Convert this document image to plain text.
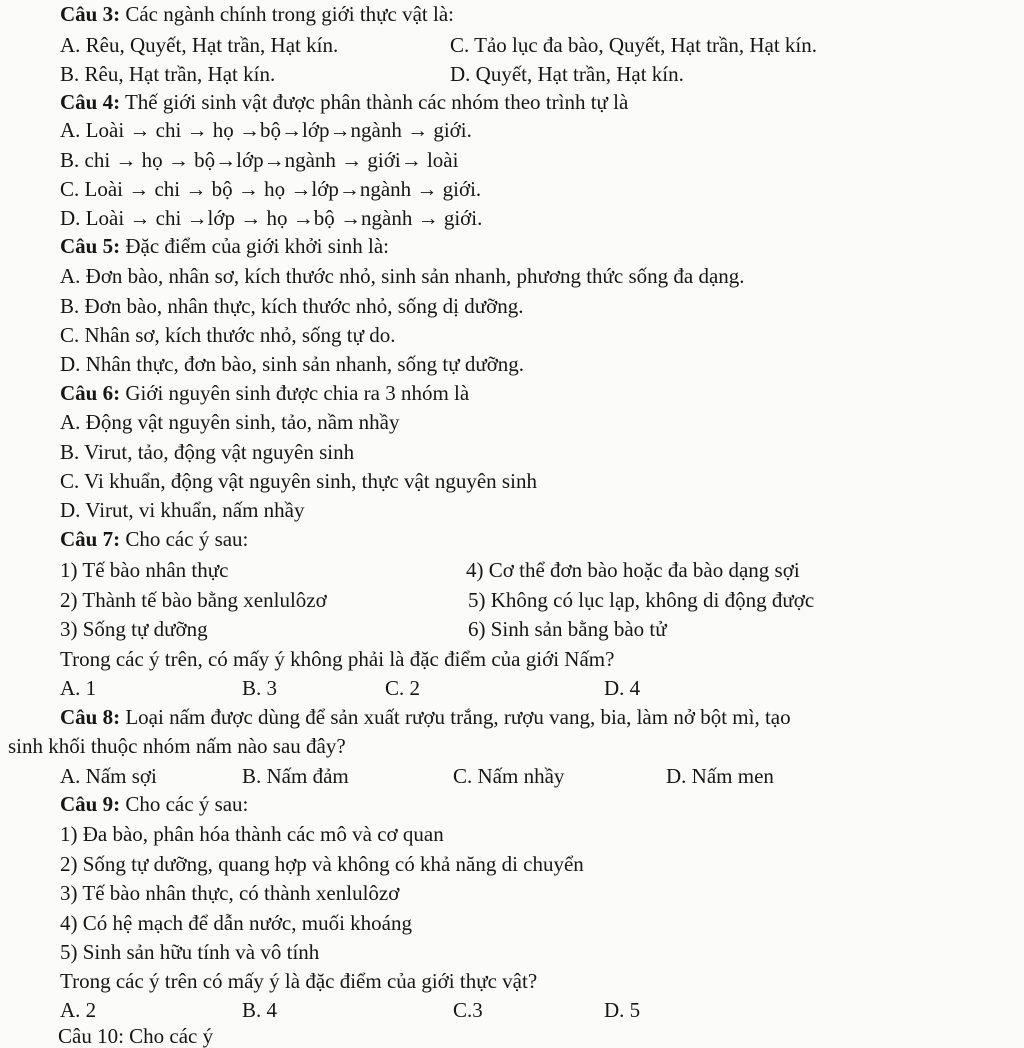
Câu 3: Các ngành chính trong giới thực vật là:
A. Rêu, Quyết, Hạt trần, Hạt kín.	C. Tảo lục đa bào, Quyết, Hạt trần, Hạt kín.
B. Rêu, Hạt trần, Hạt kín.	D. Quyết, Hạt trần, Hạt kín.
Câu 4: Thế giới sinh vật được phân thành các nhóm theo trình tự là
A. Loài → chi → họ →bộ→lớp→ngành → giới.
B. chi → họ → bộ→lớp→ngành → giới→ loài
C. Loài → chi → bộ → họ →lớp→ngành → giới.
D. Loài → chi →lớp → họ →bộ →ngành → giới.
Câu 5: Đặc điểm của giới khởi sinh là:
A. Đơn bào, nhân sơ, kích thước nhỏ, sinh sản nhanh, phương thức sống đa dạng.
B. Đơn bào, nhân thực, kích thước nhỏ, sống dị dưỡng.
C. Nhân sơ, kích thước nhỏ, sống tự do.
D. Nhân thực, đơn bào, sinh sản nhanh, sống tự dưỡng.
Câu 6: Giới nguyên sinh được chia ra 3 nhóm là
A. Động vật nguyên sinh, tảo, nầm nhầy
B. Virut, tảo, động vật nguyên sinh
C. Vi khuẩn, động vật nguyên sinh, thực vật nguyên sinh
D. Virut, vi khuẩn, nấm nhầy
Câu 7: Cho các ý sau:
1) Tế bào nhân thực	4) Cơ thể đơn bào hoặc đa bào dạng sợi
2) Thành tế bào bằng xenlulôzơ	5) Không có lục lạp, không di động được
3) Sống tự dưỡng	6) Sinh sản bằng bào tử
Trong các ý trên, có mấy ý không phải là đặc điểm của giới Nấm?
A. 1	B. 3	C. 2	D. 4
Câu 8: Loại nấm được dùng để sản xuất rượu trắng, rượu vang, bia, làm nở bột mì, tạo
sinh khối thuộc nhóm nấm nào sau đây?
A. Nấm sợi	B. Nấm đảm	C. Nấm nhầy	D. Nấm men
Câu 9: Cho các ý sau:
1) Đa bào, phân hóa thành các mô và cơ quan
2) Sống tự dưỡng, quang hợp và không có khả năng di chuyển
3) Tế bào nhân thực, có thành xenlulôzơ
4) Có hệ mạch để dẫn nước, muối khoáng
5) Sinh sản hữu tính và vô tính
Trong các ý trên có mấy ý là đặc điểm của giới thực vật?
A. 2	B. 4	C.3	D. 5
Câu 10: Cho các ý
